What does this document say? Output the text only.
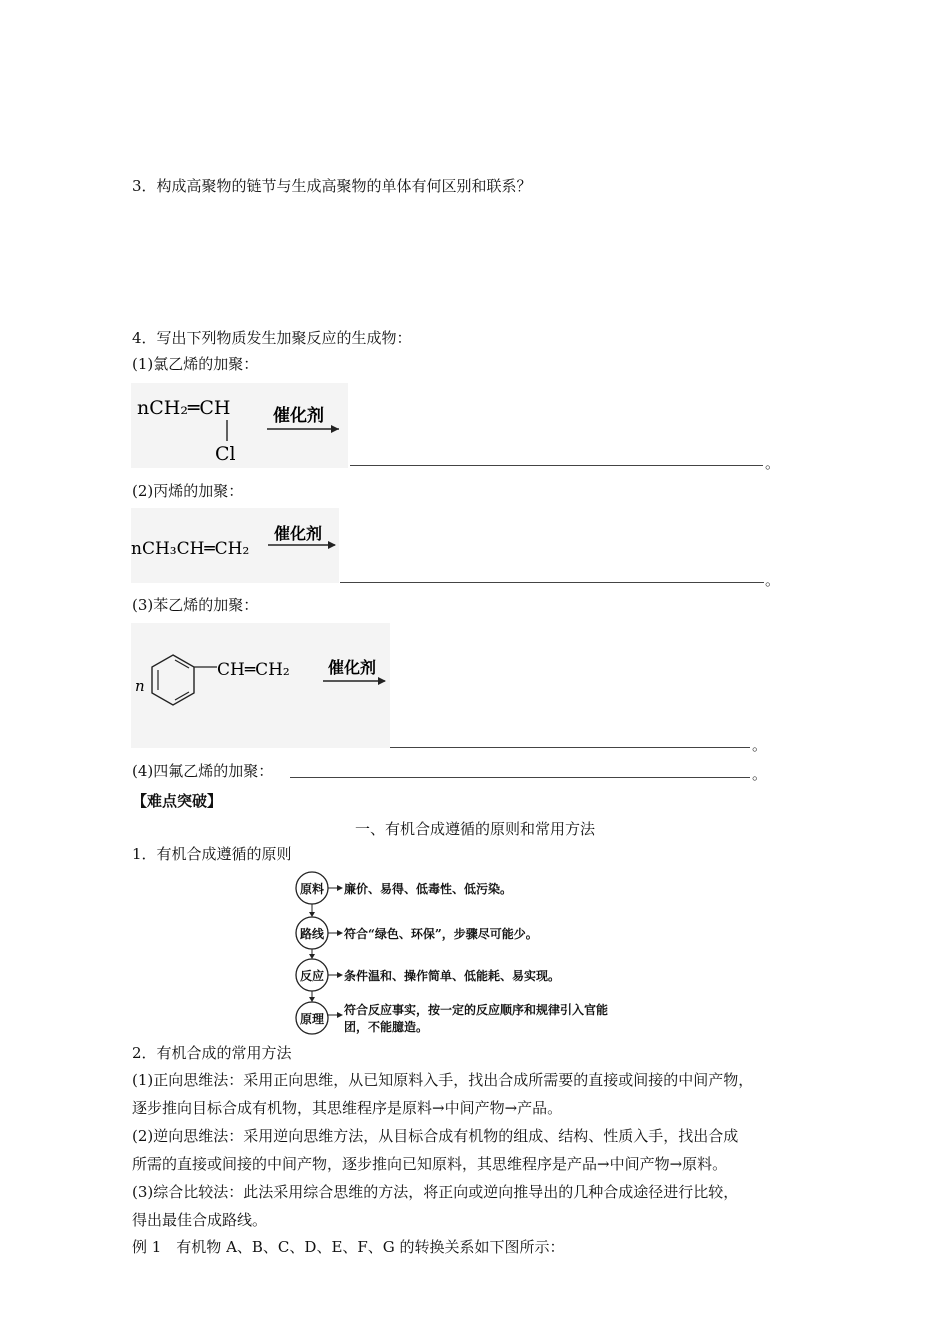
3．构成高聚物的链节与生成高聚物的单体有何区别和联系？
4．写出下列物质发生加聚反应的生成物：
(1)氯乙烯的加聚：
nCH₂═CH
Cl
催化剂
。
(2)丙烯的加聚：
nCH₃CH═CH₂
催化剂
。
(3)苯乙烯的加聚：
n
CH═CH₂ 催化剂
。
(4)四氟乙烯的加聚：	。
【难点突破】
一、有机合成遵循的原则和常用方法
1．有机合成遵循的原则
原料 廉价、易得、低毒性、低污染。
路线 符合“绿色、环保”，步骤尽可能少。
反应 条件温和、操作简单、低能耗、易实现。
原理
符合反应事实，按一定的反应顺序和规律引入官能
团，不能臆造。
2．有机合成的常用方法
(1)正向思维法：采用正向思维，从已知原料入手，找出合成所需要的直接或间接的中间产物，
逐步推向目标合成有机物，其思维程序是原料→中间产物→产品。
(2)逆向思维法：采用逆向思维方法，从目标合成有机物的组成、结构、性质入手，找出合成
所需的直接或间接的中间产物，逐步推向已知原料，其思维程序是产品→中间产物→原料。
(3)综合比较法：此法采用综合思维的方法，将正向或逆向推导出的几种合成途径进行比较，
得出最佳合成路线。
例 1　有机物 A、B、C、D、E、F、G 的转换关系如下图所示：
